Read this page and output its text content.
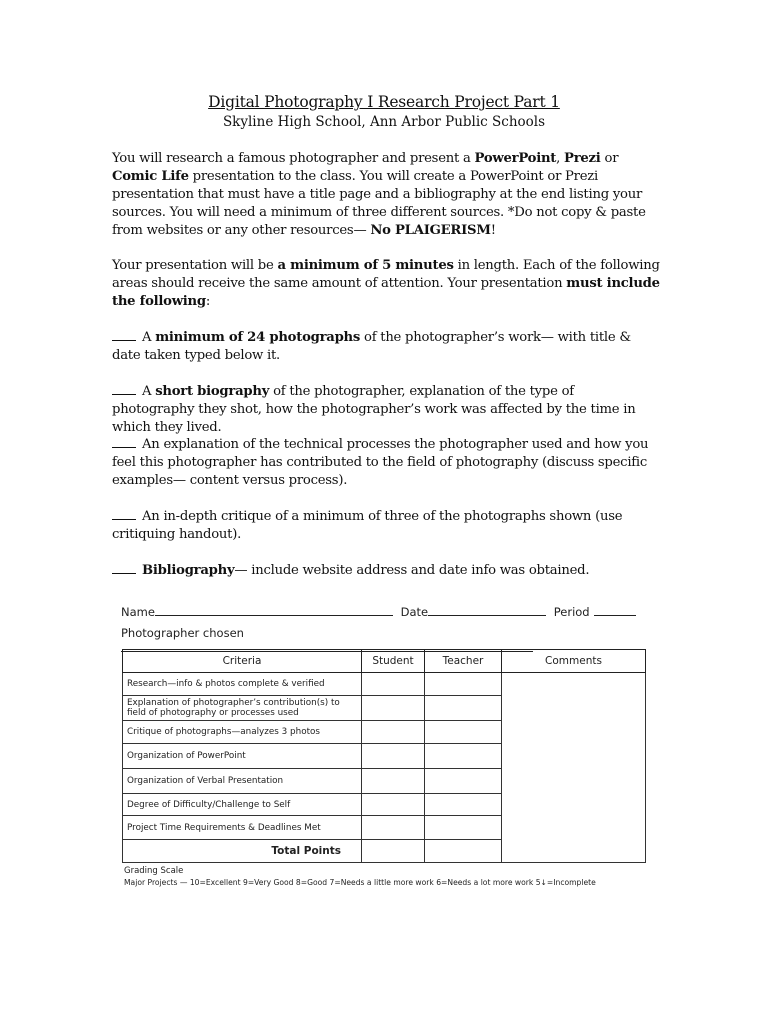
Digital Photography I Research Project Part 1
Skyline High School, Ann Arbor Public Schools
You will research a famous photographer and present a PowerPoint, Prezi or Comic Life presentation to the class. You will create a PowerPoint or Prezi presentation that must have a title page and a bibliography at the end listing your sources. You will need a minimum of three different sources. *Do not copy & paste from websites or any other resources— No PLAIGERISM!
Your presentation will be a minimum of 5 minutes in length. Each of the following areas should receive the same amount of attention. Your presentation must include the following:
A minimum of 24 photographs of the photographer’s work— with title & date taken typed below it.
A short biography of the photographer, explanation of the type of photography they shot, how the photographer’s work was affected by the time in which they lived.
An explanation of the technical processes the photographer used and how you feel this photographer has contributed to the field of photography (discuss specific examples— content versus process).
An in-depth critique of a minimum of three of the photographs shown (use critiquing handout).
Bibliography— include website address and date info was obtained.
Name	Date	Period
Photographer chosen
Criteria	Student	Teacher	Comments
Research—info & photos complete & verified			
Explanation of photographer’s contribution(s) to field of photography or processes used			
Critique of photographs—analyzes 3 photos			
Organization of PowerPoint			
Organization of Verbal Presentation			
Degree of Difficulty/Challenge to Self			
Project Time Requirements & Deadlines Met			
Total Points			
Grading Scale
Major Projects — 10=Excellent 9=Very Good 8=Good 7=Needs a little more work 6=Needs a lot more work 5↓=Incomplete
